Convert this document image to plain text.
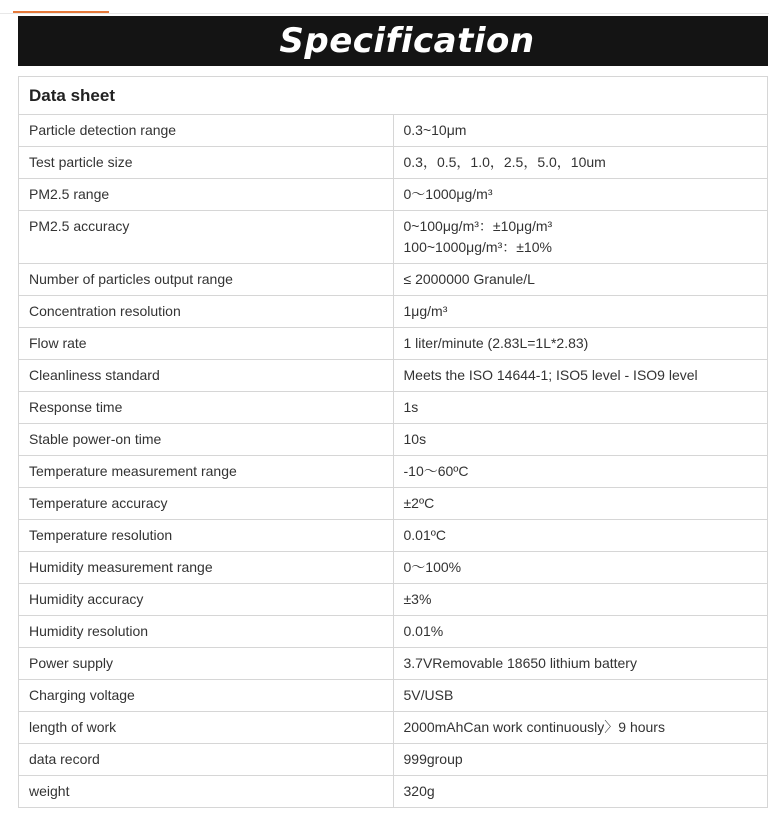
Specification
Data sheet	
Particle detection range	0.3~10μm

Test particle size	0.3，0.5，1.0，2.5，5.0，10um

PM2.5 range	0～1000μg/m³

PM2.5 accuracy	0~100μg/m³：±10μg/m³
100~1000μg/m³：±10%

Number of particles output range	≤ 2000000 Granule/L

Concentration resolution	1μg/m³

Flow rate	1 liter/minute (2.83L=1L*2.83)

Cleanliness standard	Meets the ISO 14644-1; ISO5 level - ISO9 level

Response time	1s

Stable power-on time	10s

Temperature measurement range	-10～60ºC

Temperature accuracy	±2ºC

Temperature resolution	0.01ºC

Humidity measurement range	0～100%

Humidity accuracy	±3%

Humidity resolution	0.01%

Power supply	3.7VRemovable 18650 lithium battery

Charging voltage	5V/USB

length of work	2000mAhCan work continuously〉9 hours

data record	999group

weight	320g
